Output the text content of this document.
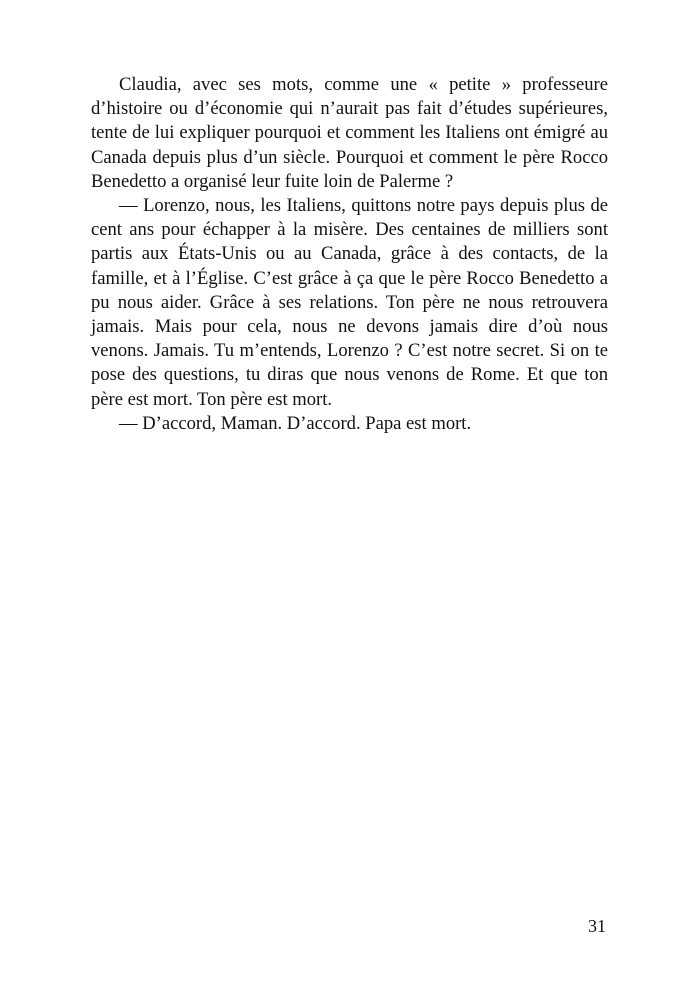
Claudia, avec ses mots, comme une « petite » professeure d’histoire ou d’économie qui n’aurait pas fait d’études supérieures, tente de lui expliquer pourquoi et comment les Italiens ont émigré au Canada depuis plus d’un siècle. Pourquoi et comment le père Rocco Benedetto a organisé leur fuite loin de Palerme ?

— Lorenzo, nous, les Italiens, quittons notre pays depuis plus de cent ans pour échapper à la misère. Des centaines de milliers sont partis aux États-Unis ou au Canada, grâce à des contacts, de la famille, et à l’Église. C’est grâce à ça que le père Rocco Benedetto a pu nous aider. Grâce à ses relations. Ton père ne nous retrouvera jamais. Mais pour cela, nous ne devons jamais dire d’où nous venons. Jamais. Tu m’entends, Lorenzo ? C’est notre secret. Si on te pose des questions, tu diras que nous venons de Rome. Et que ton père est mort. Ton père est mort.

— D’accord, Maman. D’accord. Papa est mort.

31
